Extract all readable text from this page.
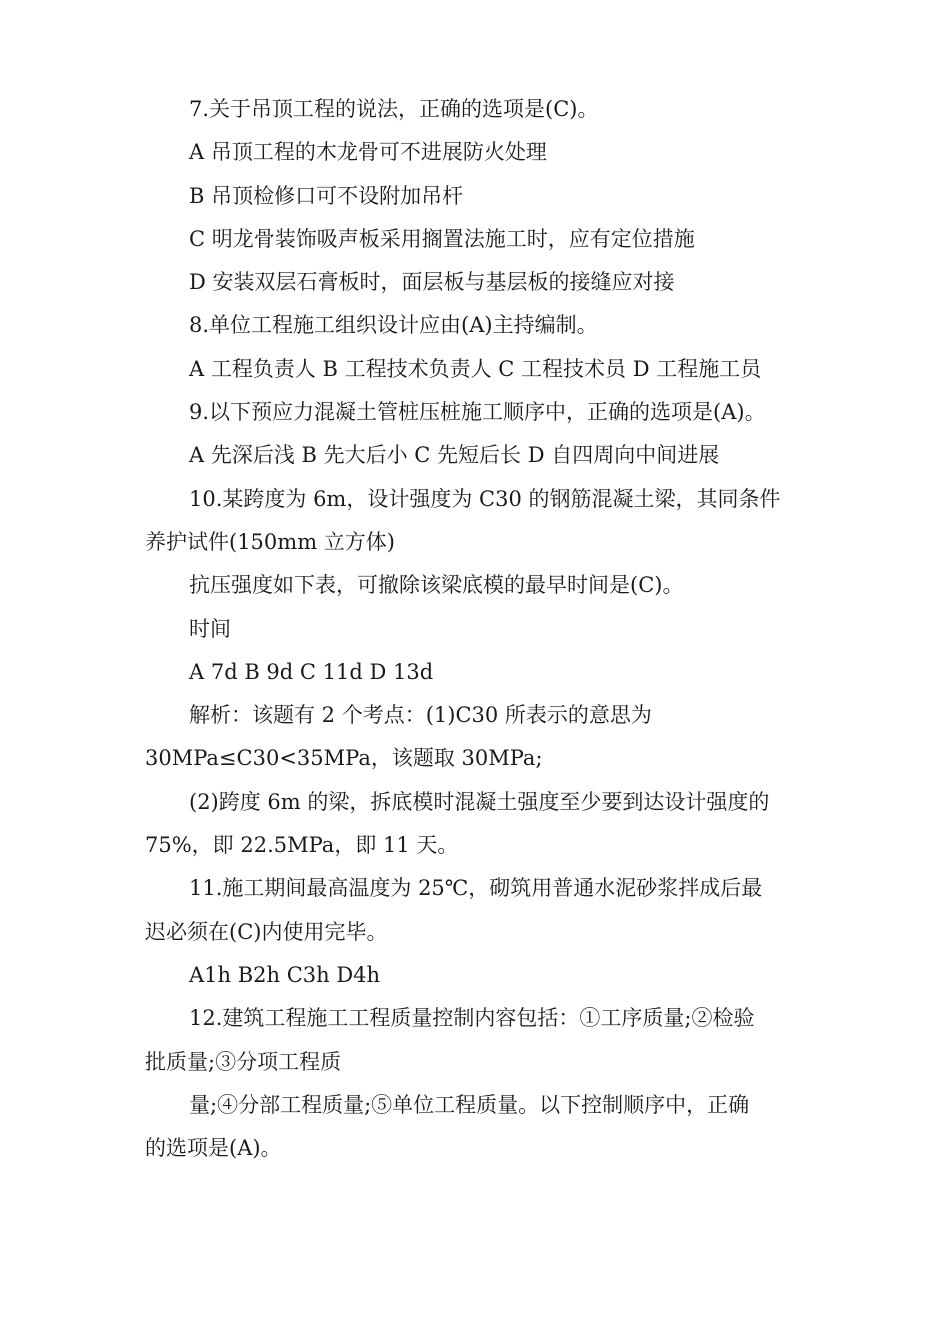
7.关于吊顶工程的说法，正确的选项是(C)。
A 吊顶工程的木龙骨可不进展防火处理
B 吊顶检修口可不设附加吊杆
C 明龙骨装饰吸声板采用搁置法施工时，应有定位措施
D 安装双层石膏板时，面层板与基层板的接缝应对接
8.单位工程施工组织设计应由(A)主持编制。
A 工程负责人 B 工程技术负责人 C 工程技术员 D 工程施工员
9.以下预应力混凝土管桩压桩施工顺序中，正确的选项是(A)。
A 先深后浅 B 先大后小 C 先短后长 D 自四周向中间进展
10.某跨度为 6m，设计强度为 C30 的钢筋混凝土梁，其同条件
养护试件(150mm 立方体)
抗压强度如下表，可撤除该梁底模的最早时间是(C)。
时间
A 7d B 9d C 11d D 13d
解析：该题有 2 个考点：(1)C30 所表示的意思为
30MPa≤C30<35MPa，该题取 30MPa;
(2)跨度 6m 的梁，拆底模时混凝土强度至少要到达设计强度的
75%，即 22.5MPa，即 11 天。
11.施工期间最高温度为 25℃，砌筑用普通水泥砂浆拌成后最
迟必须在(C)内使用完毕。
A1h B2h C3h D4h
12.建筑工程施工工程质量控制内容包括：①工序质量;②检验
批质量;③分项工程质
量;④分部工程质量;⑤单位工程质量。以下控制顺序中，正确
的选项是(A)。
